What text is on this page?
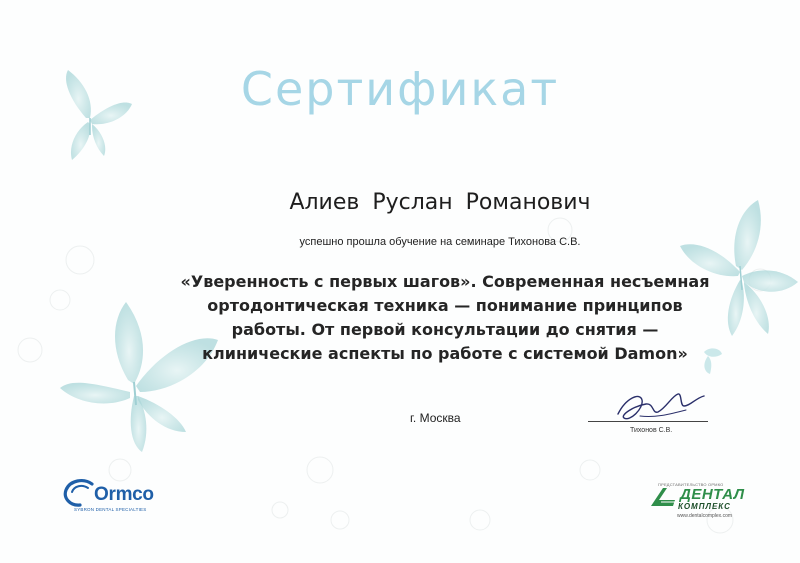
Сертификат
Алиев Руслан Романович
успешно прошла обучение на семинаре Тихонова С.В.
«Уверенность с первых шагов». Современная несъемная
ортодонтическая техника — понимание принципов
работы. От первой консультации до снятия —
клинические аспекты по работе с системой Damon»
г. Москва
Тихонов С.В.
Ormco
SYBRON DENTAL SPECIALTIES
ПРЕДСТАВИТЕЛЬСТВО ОРМКО
ДЕНТАЛ
КОМПЛЕКС
www.dentalcomplex.com
